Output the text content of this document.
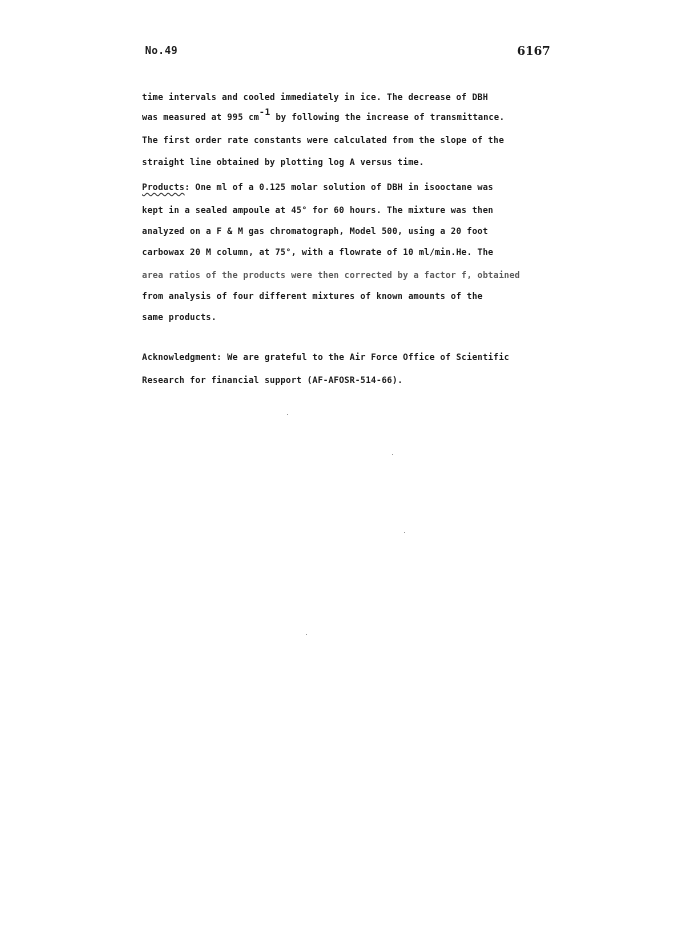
No.49	6167
time intervals and cooled immediately in ice. The decrease of DBH
was measured at 995 cm-1 by following the increase of transmittance.
The first order rate constants were calculated from the slope of the
straight line obtained by plotting log A versus time.
Products: One ml of a 0.125 molar solution of DBH in isooctane was
kept in a sealed ampoule at 45° for 60 hours. The mixture was then
analyzed on a F & M gas chromatograph, Model 500, using a 20 foot
carbowax 20 M column, at 75°, with a flowrate of 10 ml/min.He. The
area ratios of the products were then corrected by a factor f, obtained
from analysis of four different mixtures of known amounts of the
same products.
Acknowledgment: We are grateful to the Air Force Office of Scientific
Research for financial support (AF-AFOSR-514-66).
